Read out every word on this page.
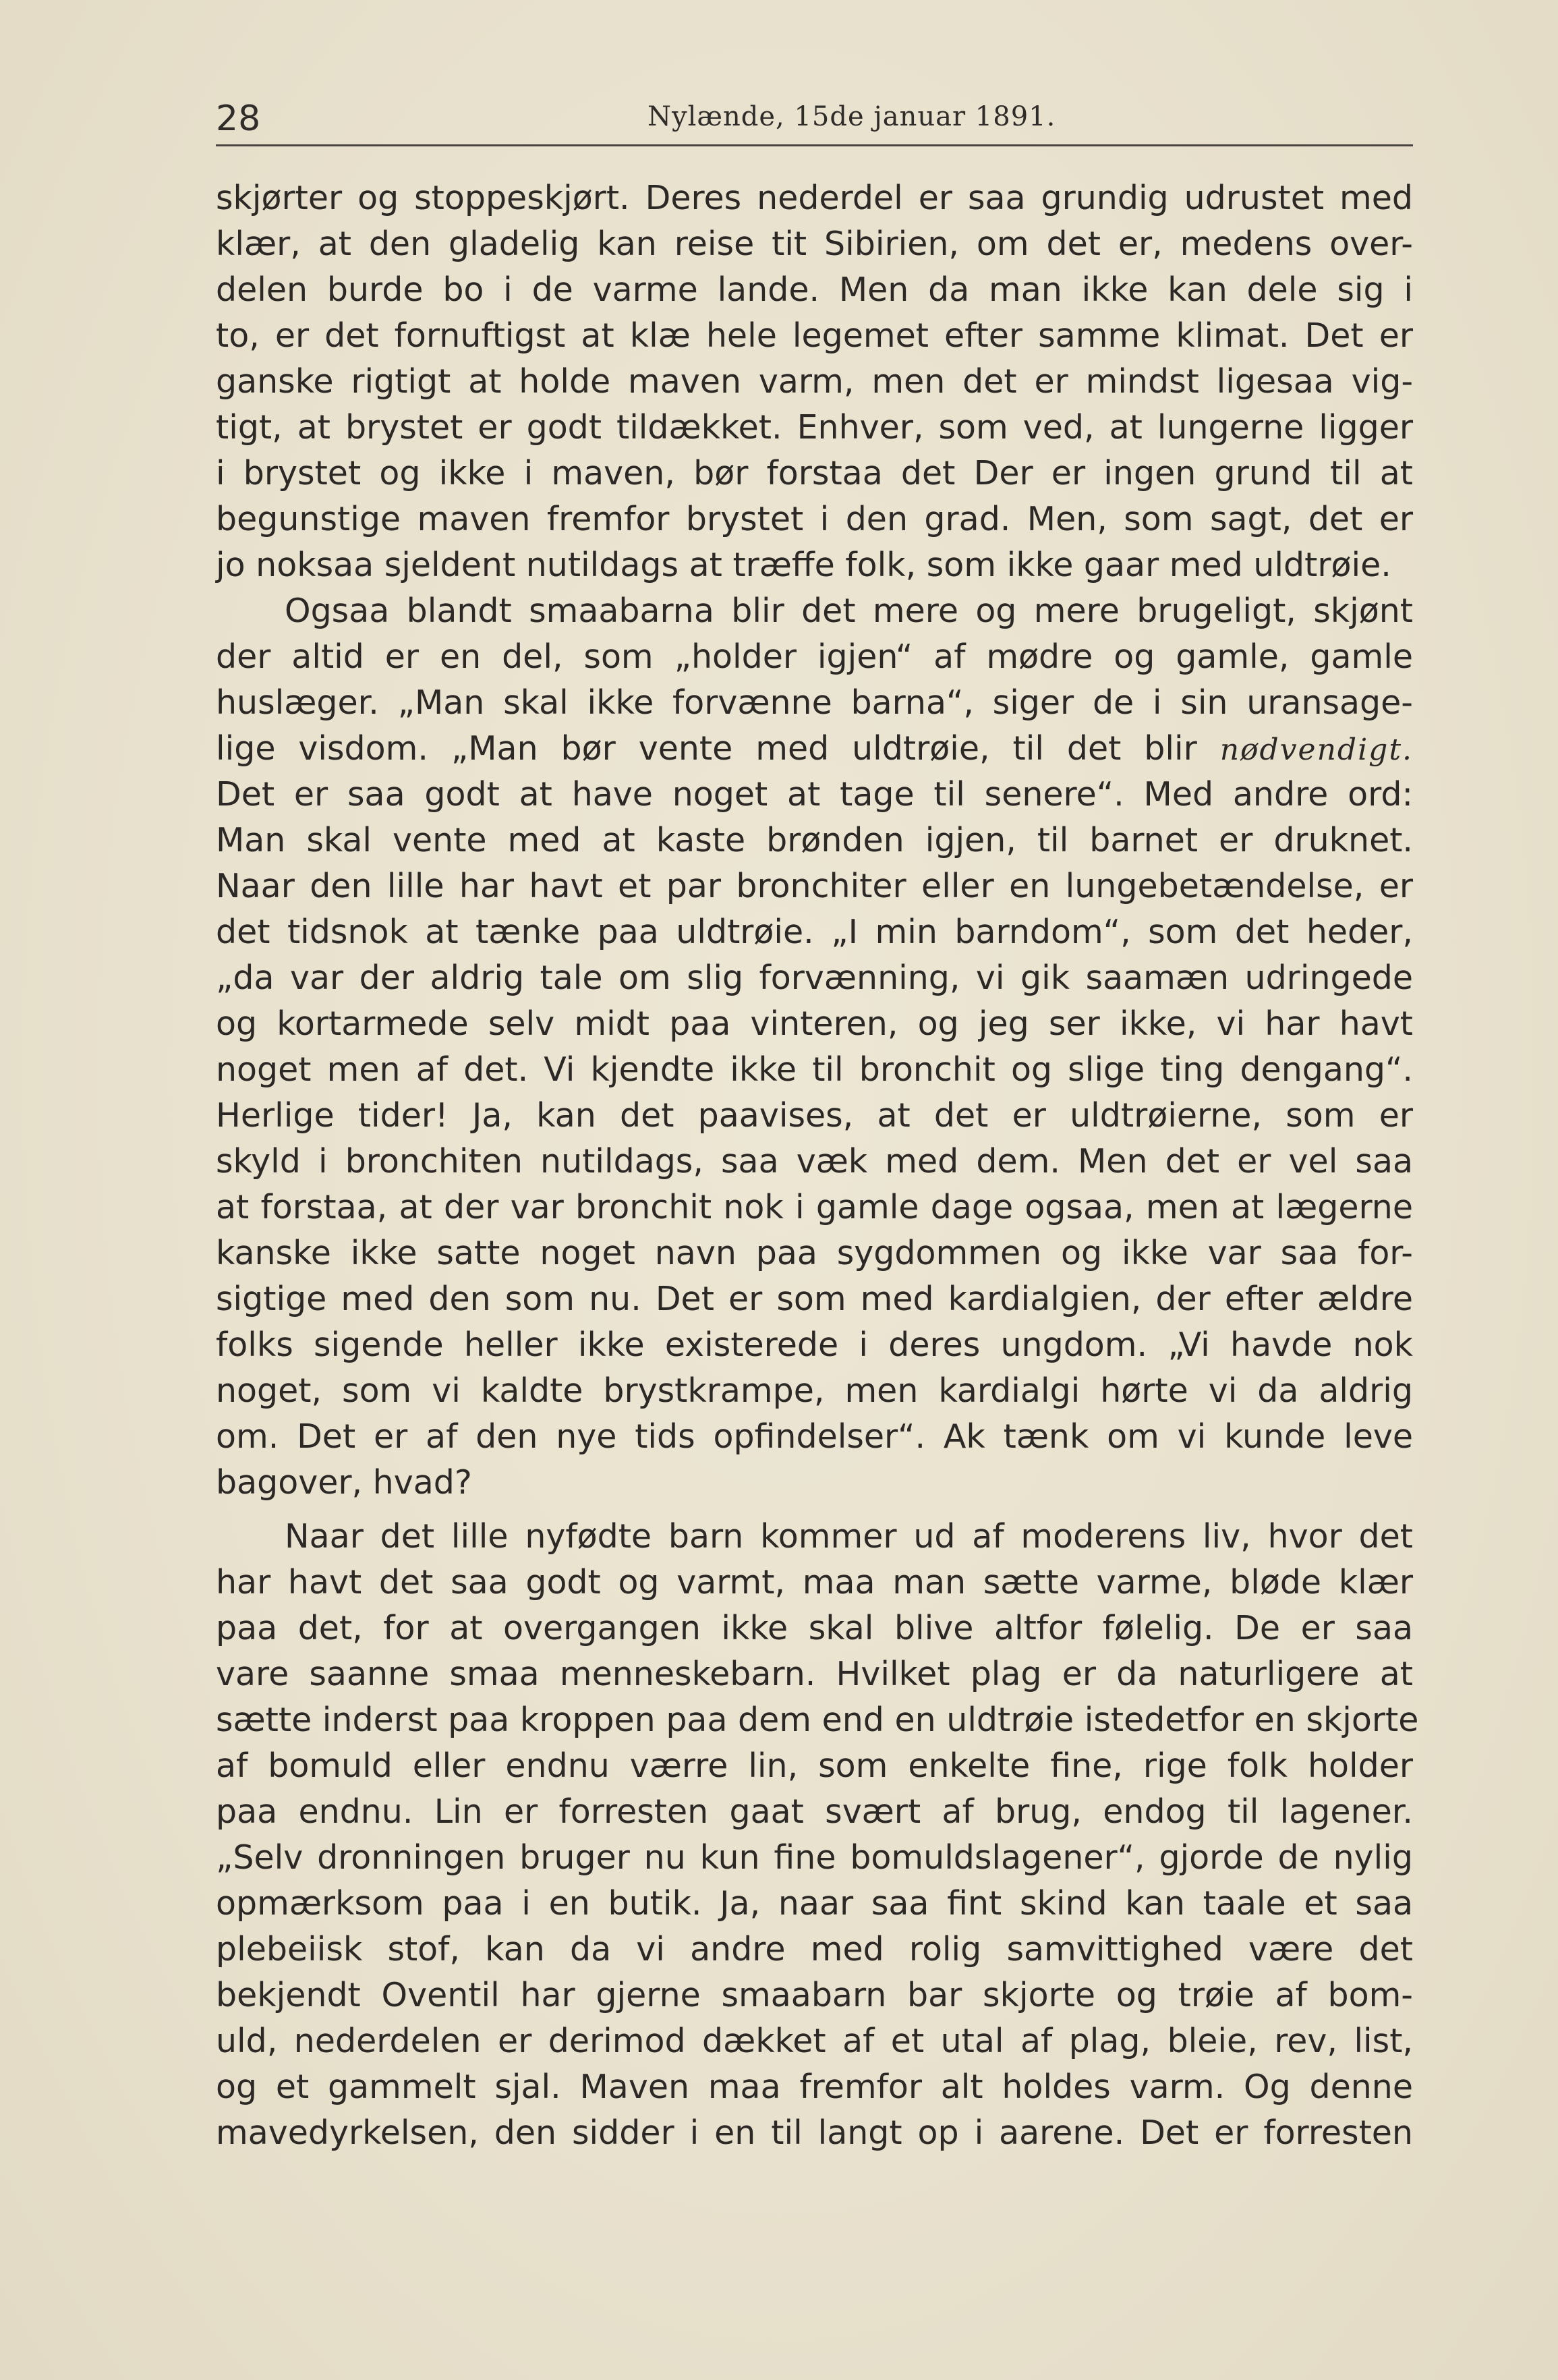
28	Nylænde, 15de januar 1891.
skjørter og stoppeskjørt. Deres nederdel er saa grundig udrustet med
klær, at den gladelig kan reise tit Sibirien, om det er, medens over-
delen burde bo i de varme lande. Men da man ikke kan dele sig i
to, er det fornuftigst at klæ hele legemet efter samme klimat. Det er
ganske rigtigt at holde maven varm, men det er mindst ligesaa vig-
tigt, at brystet er godt tildækket. Enhver, som ved, at lungerne ligger
i brystet og ikke i maven, bør forstaa det Der er ingen grund til at
begunstige maven fremfor brystet i den grad. Men, som sagt, det er
jo noksaa sjeldent nutildags at træffe folk, som ikke gaar med uldtrøie.
Ogsaa blandt smaabarna blir det mere og mere brugeligt, skjønt
der altid er en del, som „holder igjen“ af mødre og gamle, gamle
huslæger. „Man skal ikke forvænne barna“, siger de i sin uransage-
lige visdom. „Man bør vente med uldtrøie, til det blir nødvendigt.
Det er saa godt at have noget at tage til senere“. Med andre ord:
Man skal vente med at kaste brønden igjen, til barnet er druknet.
Naar den lille har havt et par bronchiter eller en lungebetændelse, er
det tidsnok at tænke paa uldtrøie. „I min barndom“, som det heder,
„da var der aldrig tale om slig forvænning, vi gik saamæn udringede
og kortarmede selv midt paa vinteren, og jeg ser ikke, vi har havt
noget men af det. Vi kjendte ikke til bronchit og slige ting dengang“.
Herlige tider! Ja, kan det paavises, at det er uldtrøierne, som er
skyld i bronchiten nutildags, saa væk med dem. Men det er vel saa
at forstaa, at der var bronchit nok i gamle dage ogsaa, men at lægerne
kanske ikke satte noget navn paa sygdommen og ikke var saa for-
sigtige med den som nu. Det er som med kardialgien, der efter ældre
folks sigende heller ikke existerede i deres ungdom. „Vi havde nok
noget, som vi kaldte brystkrampe, men kardialgi hørte vi da aldrig
om. Det er af den nye tids opfindelser“. Ak tænk om vi kunde leve
bagover, hvad?
Naar det lille nyfødte barn kommer ud af moderens liv, hvor det
har havt det saa godt og varmt, maa man sætte varme, bløde klær
paa det, for at overgangen ikke skal blive altfor følelig. De er saa
vare saanne smaa menneskebarn. Hvilket plag er da naturligere at
sætte inderst paa kroppen paa dem end en uldtrøie istedetfor en skjorte
af bomuld eller endnu værre lin, som enkelte fine, rige folk holder
paa endnu. Lin er forresten gaat svært af brug, endog til lagener.
„Selv dronningen bruger nu kun fine bomuldslagener“, gjorde de nylig
opmærksom paa i en butik. Ja, naar saa fint skind kan taale et saa
plebeiisk stof, kan da vi andre med rolig samvittighed være det
bekjendt Oventil har gjerne smaabarn bar skjorte og trøie af bom-
uld, nederdelen er derimod dækket af et utal af plag, bleie, rev, list,
og et gammelt sjal. Maven maa fremfor alt holdes varm. Og denne
mavedyrkelsen, den sidder i en til langt op i aarene. Det er forresten
